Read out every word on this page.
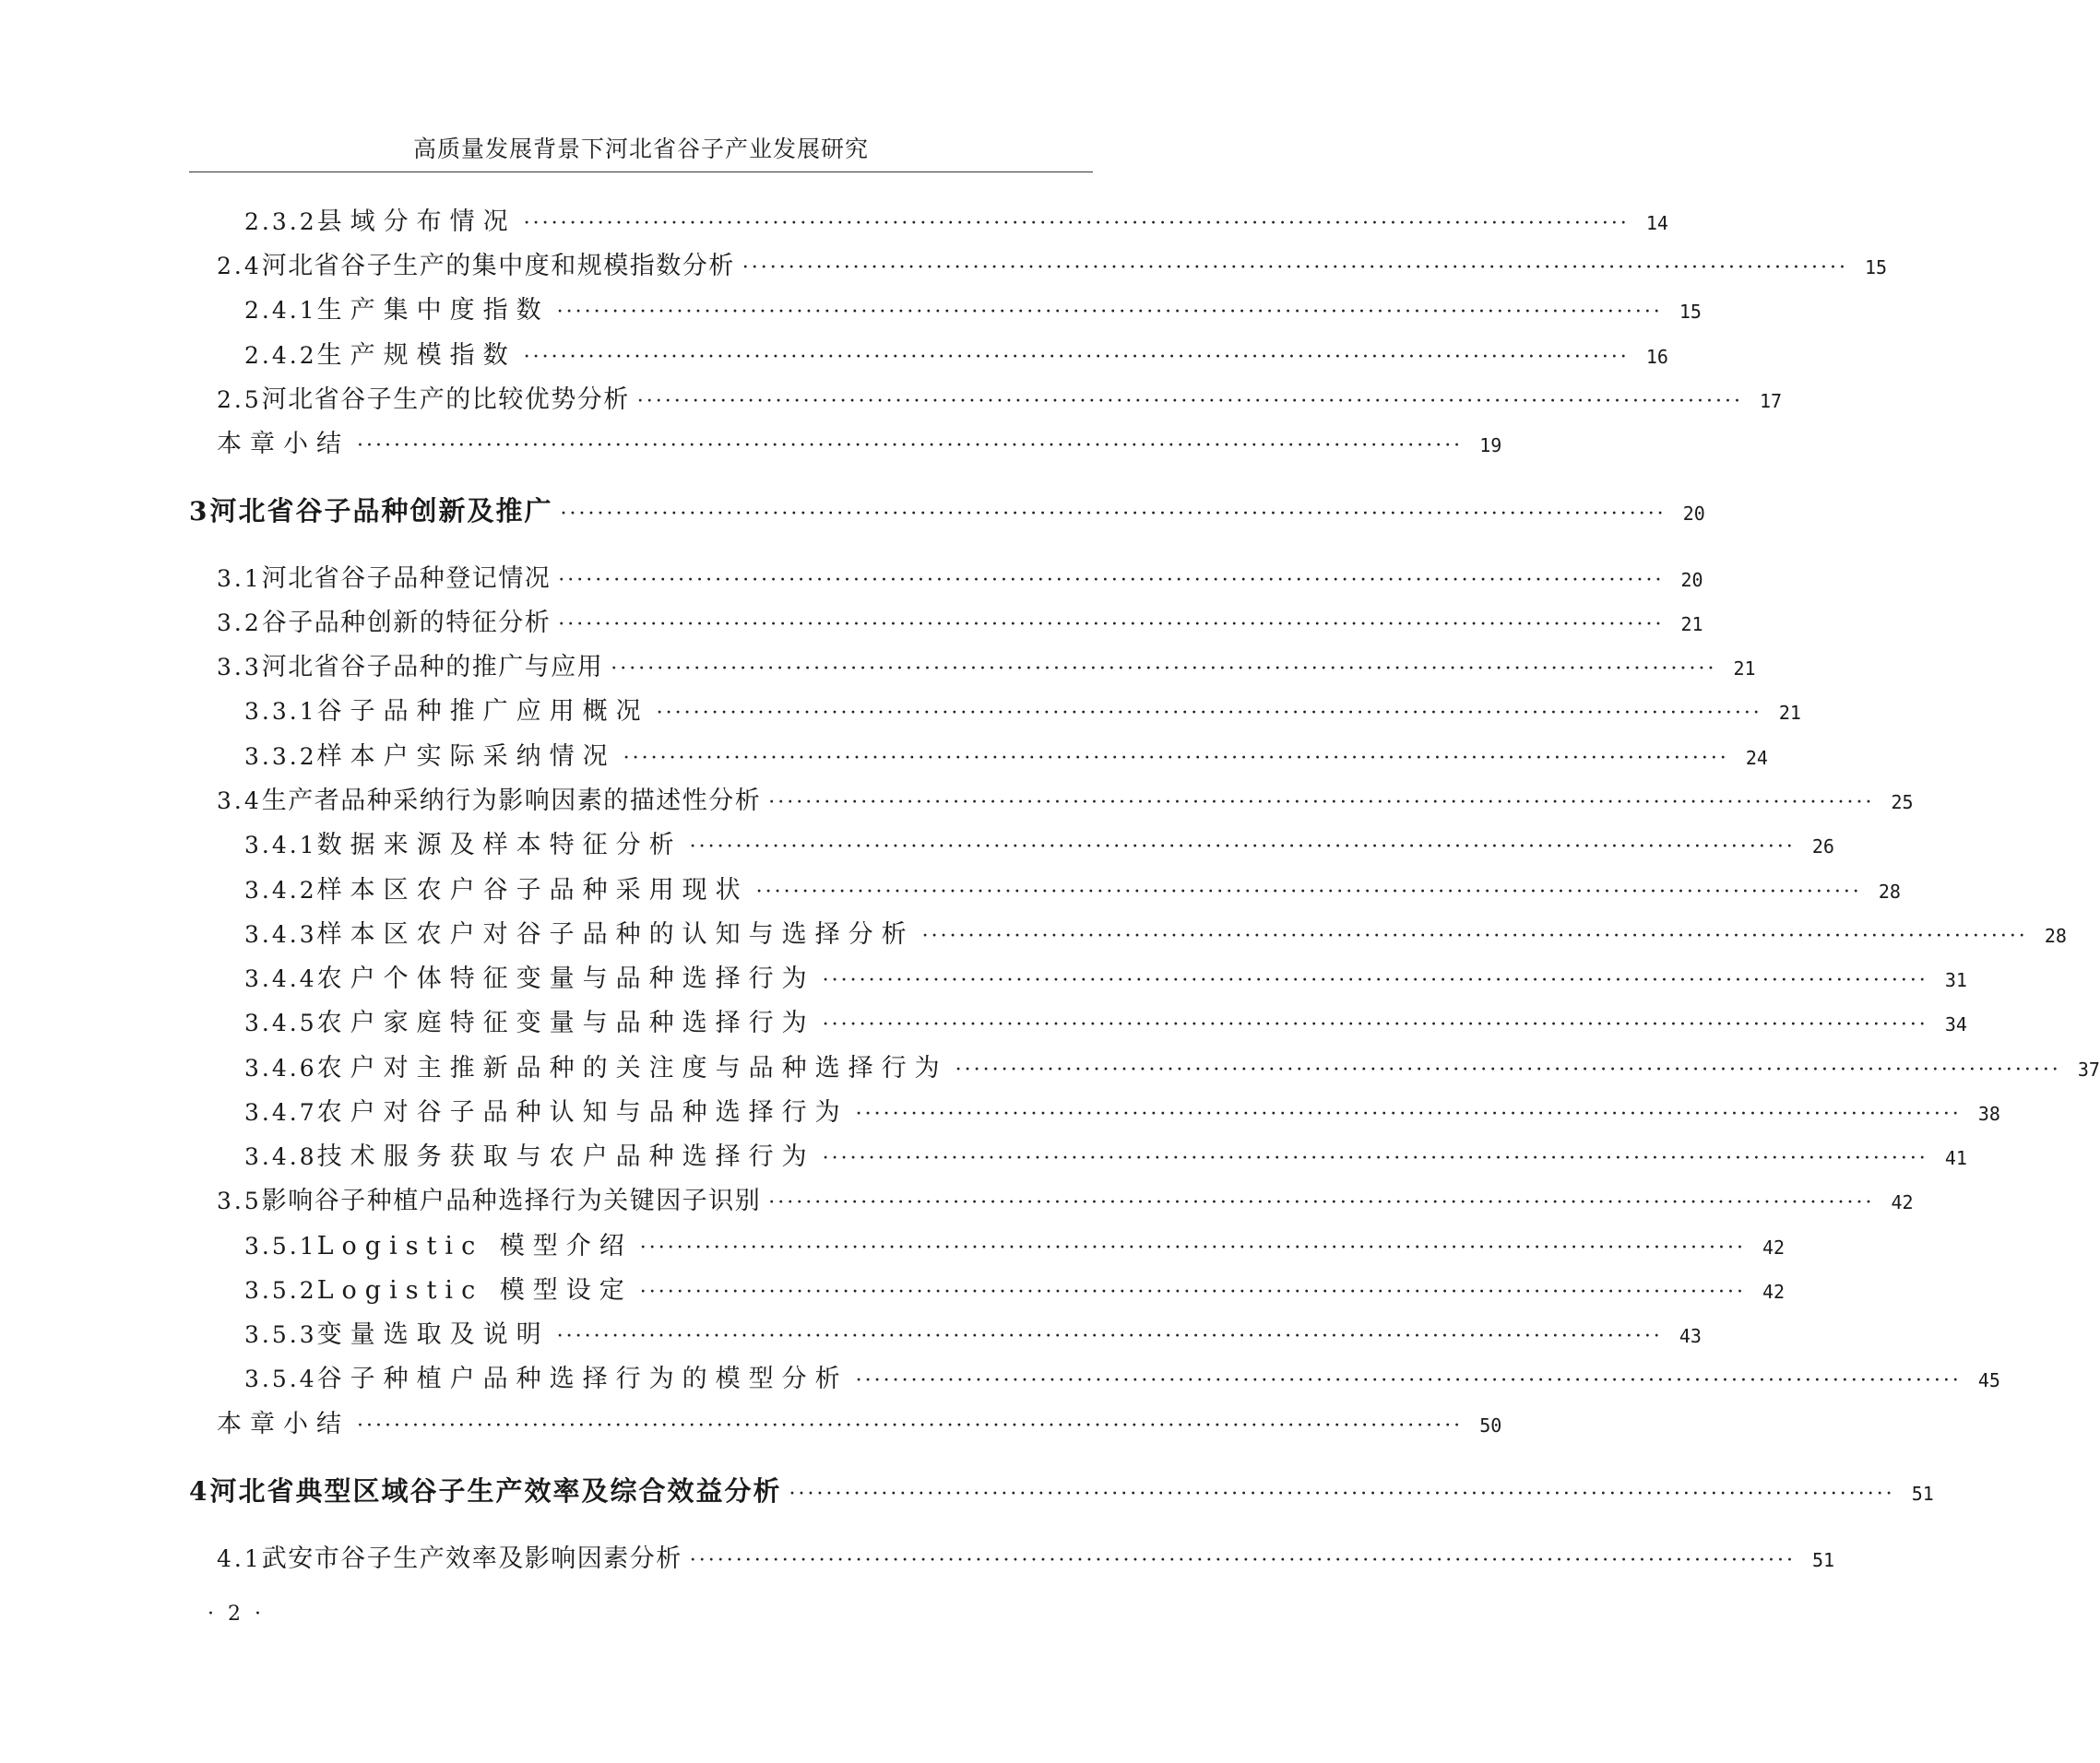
高质量发展背景下河北省谷子产业发展研究
2.3.2 县域分布情况 ························································································································ 14
2.4 河北省谷子生产的集中度和规模指数分析 ························································································································ 15
2.4.1 生产集中度指数 ························································································································ 15
2.4.2 生产规模指数 ························································································································ 16
2.5 河北省谷子生产的比较优势分析 ························································································································ 17
本章小结 ························································································································ 19
3 河北省谷子品种创新及推广 ························································································································ 20
3.1 河北省谷子品种登记情况 ························································································································ 20
3.2 谷子品种创新的特征分析 ························································································································ 21
3.3 河北省谷子品种的推广与应用 ························································································································ 21
3.3.1 谷子品种推广应用概况 ························································································································ 21
3.3.2 样本户实际采纳情况 ························································································································ 24
3.4 生产者品种采纳行为影响因素的描述性分析 ························································································································ 25
3.4.1 数据来源及样本特征分析 ························································································································ 26
3.4.2 样本区农户谷子品种采用现状 ························································································································ 28
3.4.3 样本区农户对谷子品种的认知与选择分析 ························································································································ 28
3.4.4 农户个体特征变量与品种选择行为 ························································································································ 31
3.4.5 农户家庭特征变量与品种选择行为 ························································································································ 34
3.4.6 农户对主推新品种的关注度与品种选择行为 ························································································································ 37
3.4.7 农户对谷子品种认知与品种选择行为 ························································································································ 38
3.4.8 技术服务获取与农户品种选择行为 ························································································································ 41
3.5 影响谷子种植户品种选择行为关键因子识别 ························································································································ 42
3.5.1 Logistic 模型介绍 ························································································································ 42
3.5.2 Logistic 模型设定 ························································································································ 42
3.5.3 变量选取及说明 ························································································································ 43
3.5.4 谷子种植户品种选择行为的模型分析 ························································································································ 45
本章小结 ························································································································ 50
4 河北省典型区域谷子生产效率及综合效益分析 ························································································································ 51
4.1 武安市谷子生产效率及影响因素分析 ························································································································ 51
· 2 ·
